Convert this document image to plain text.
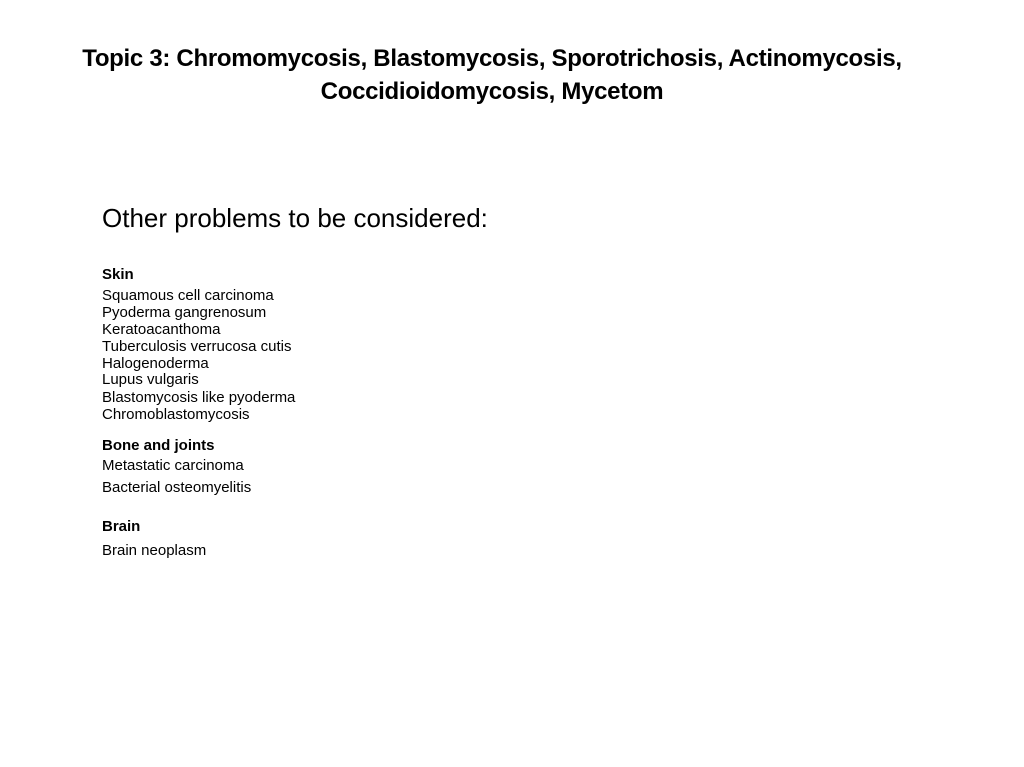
Topic 3: Chromomycosis, Blastomycosis, Sporotrichosis, Actinomycosis,
Coccidioidomycosis, Mycetom
Other problems to be considered:
Skin
Squamous cell carcinoma
Pyoderma gangrenosum
Keratoacanthoma
Tuberculosis verrucosa cutis
Halogenoderma
Lupus vulgaris
Blastomycosis like pyoderma
Chromoblastomycosis
Bone and joints
Metastatic carcinoma
Bacterial osteomyelitis
Brain
Brain neoplasm
